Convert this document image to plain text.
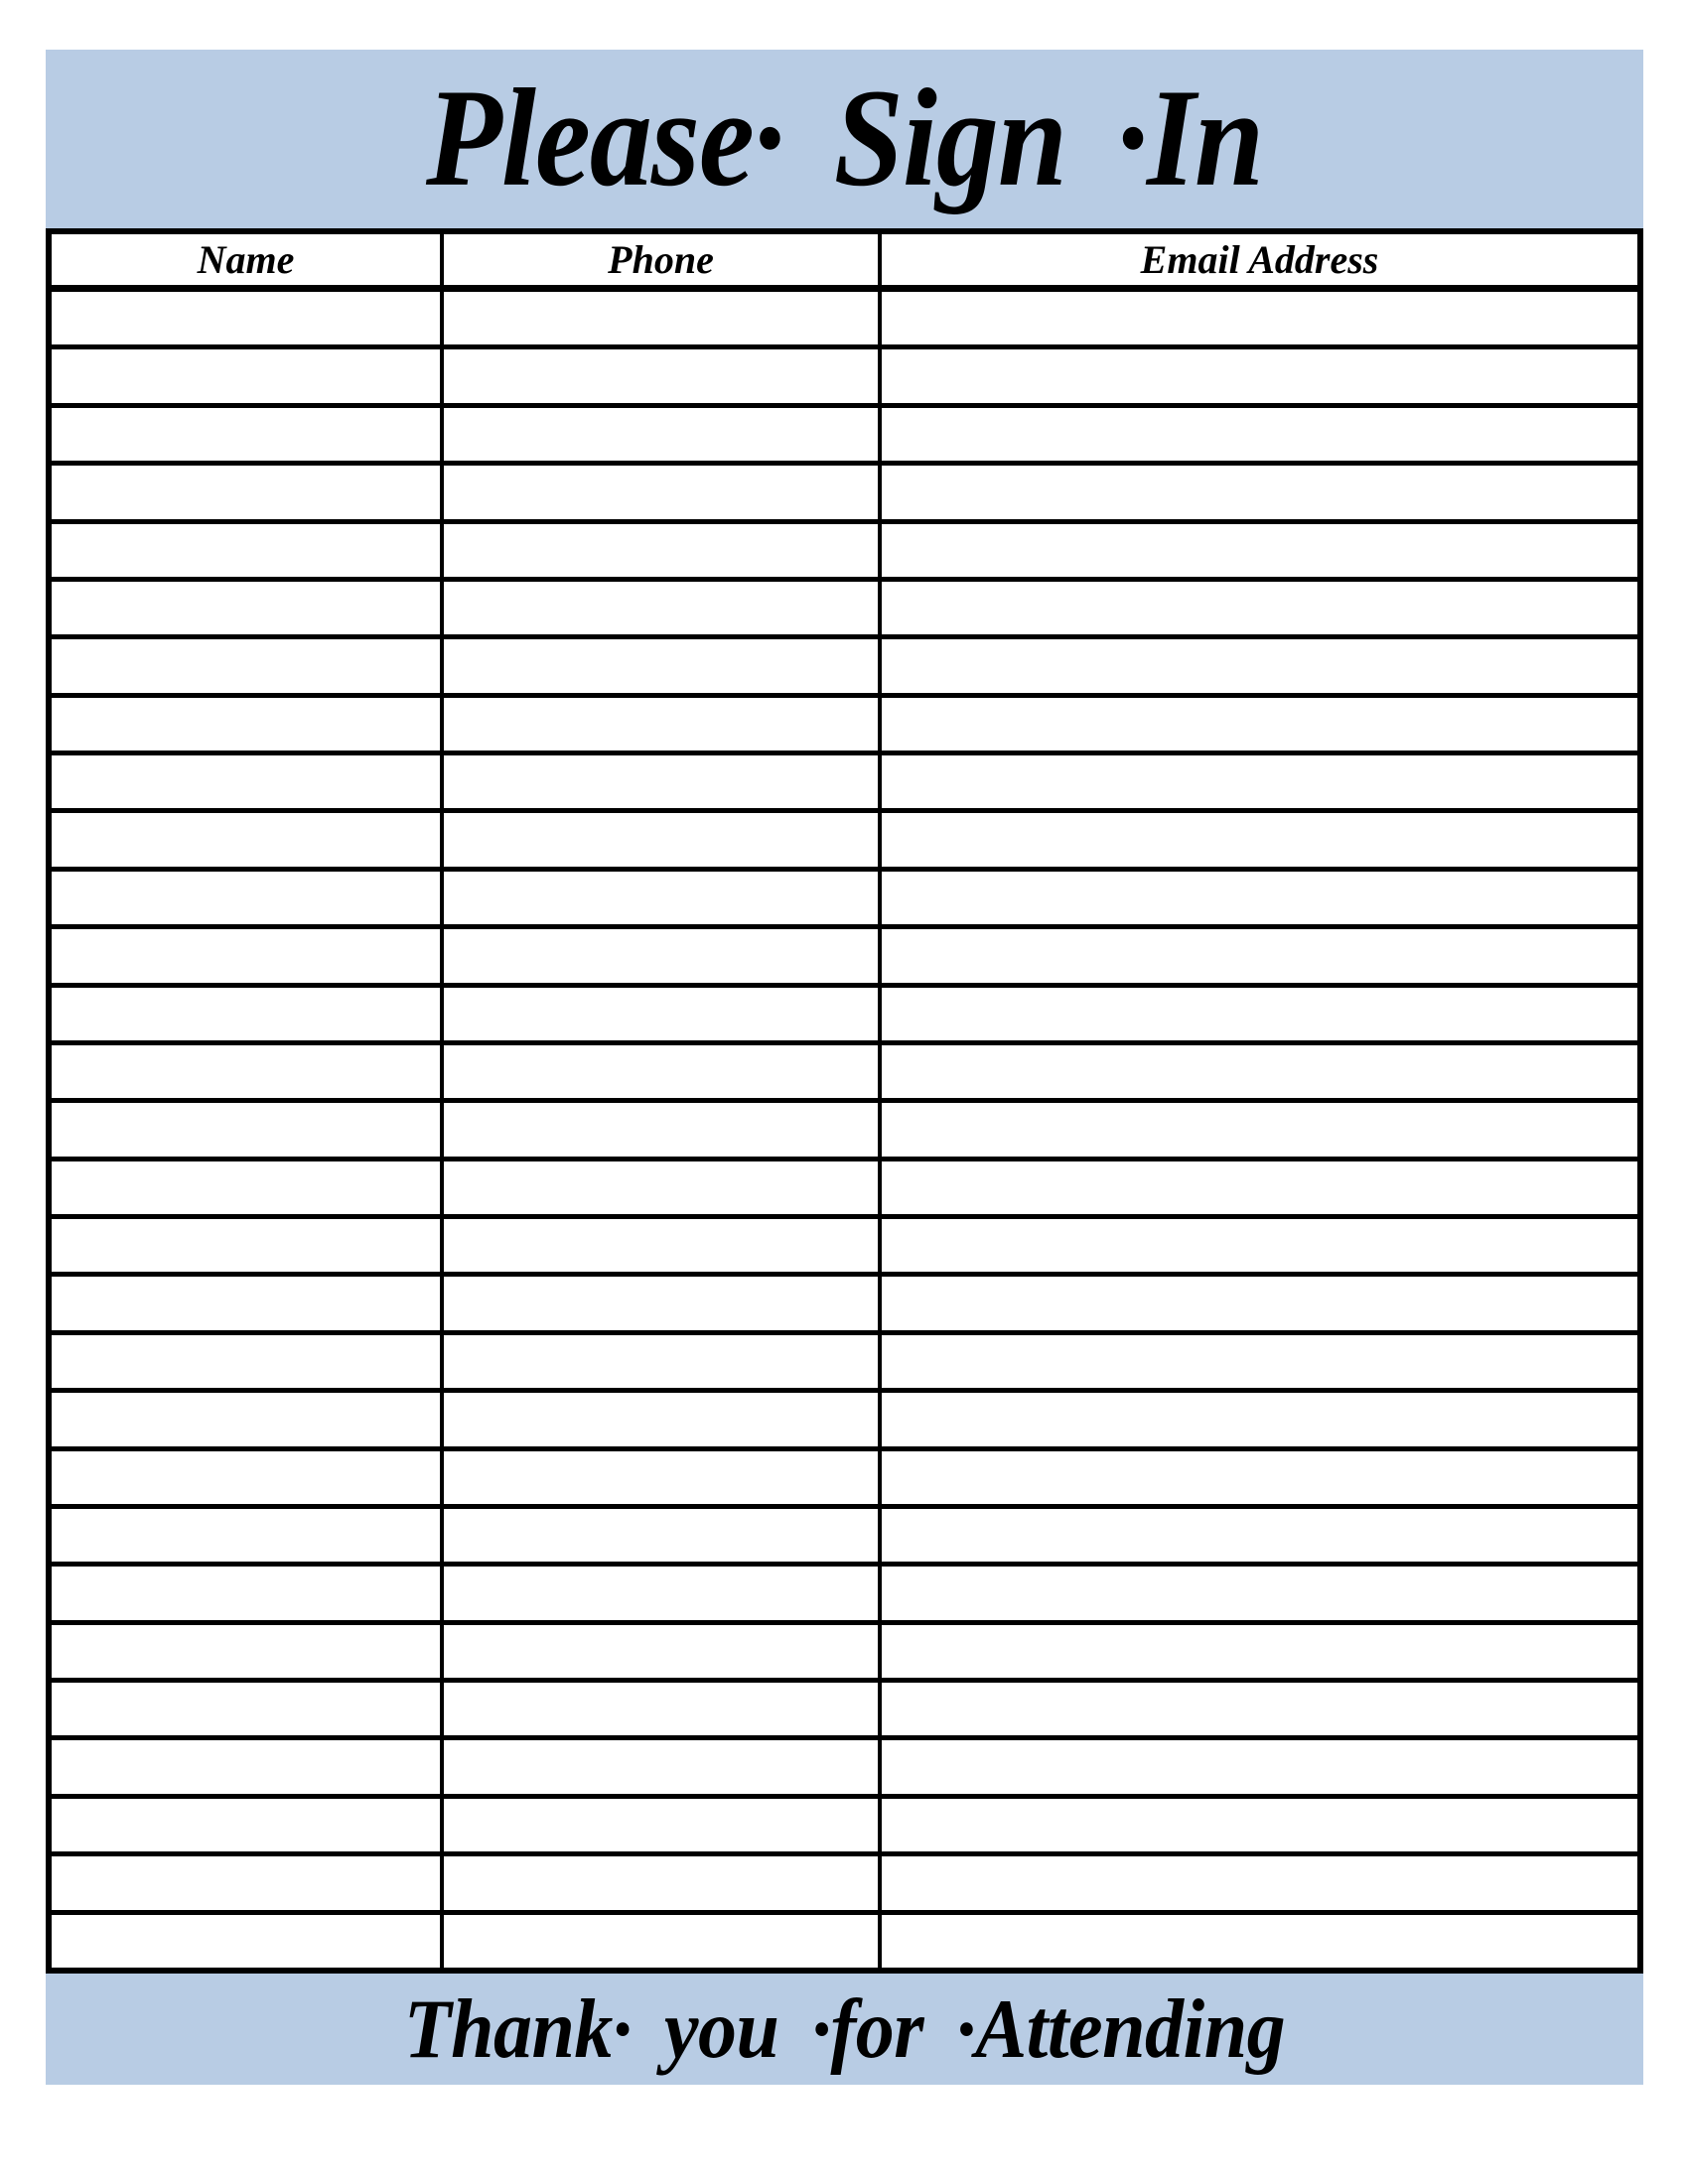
Please· Sign ·In
Name	Phone	Email Address
Thank· you ·for ·Attending
